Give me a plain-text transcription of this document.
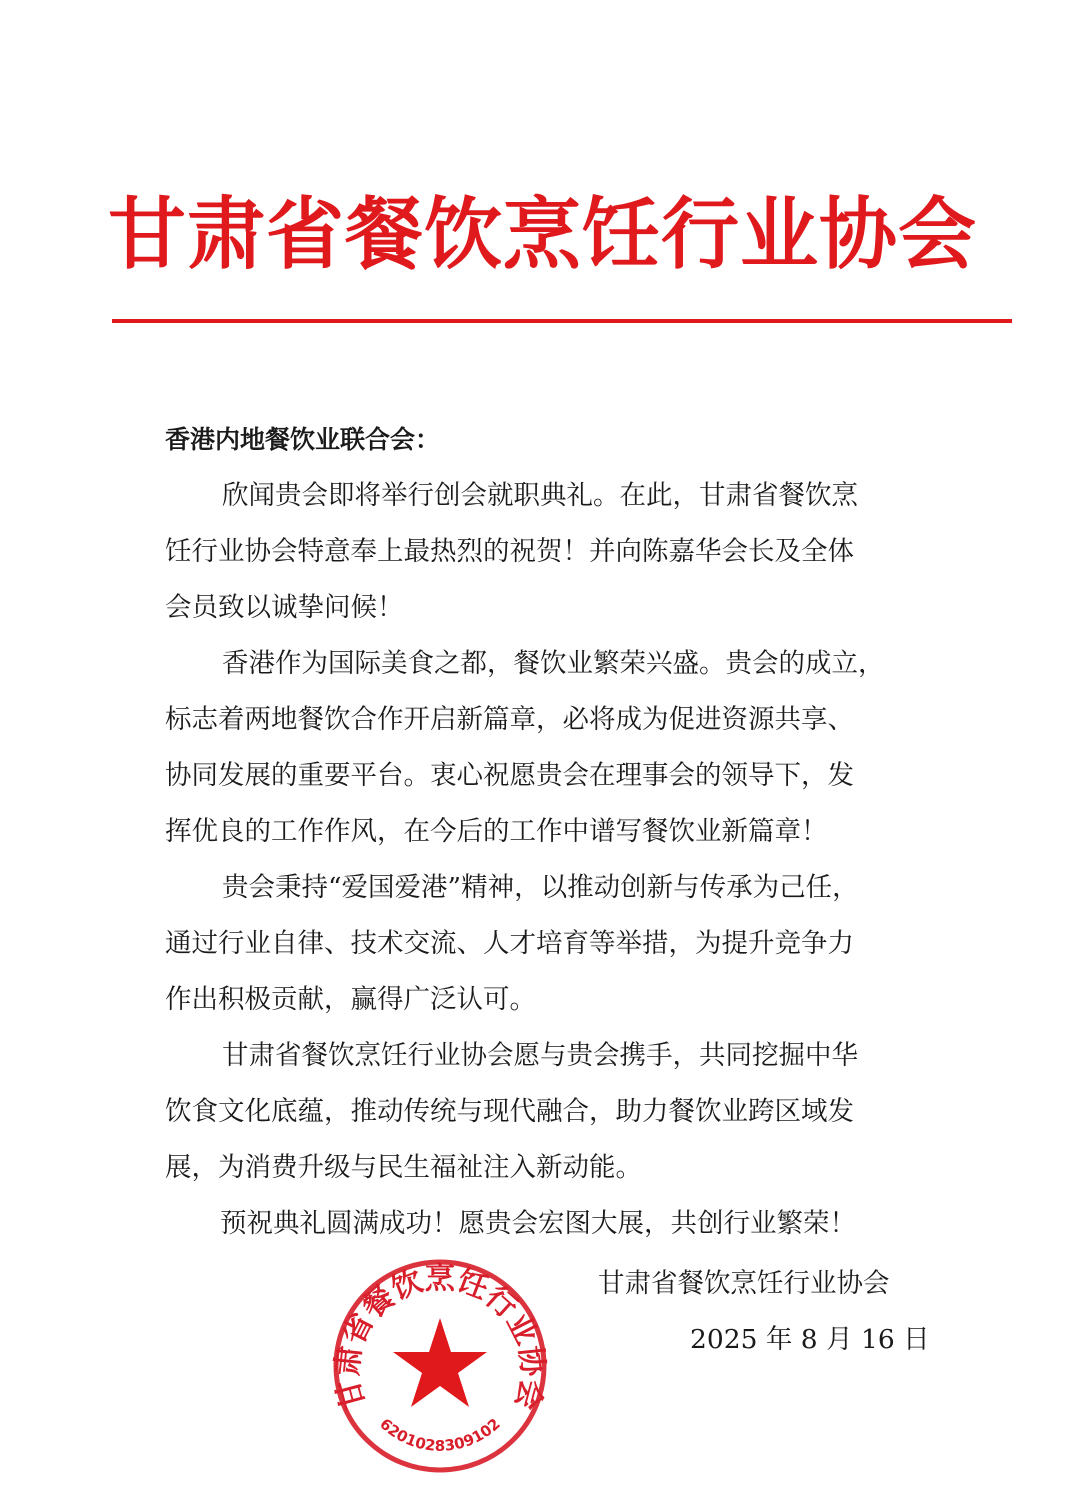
甘肃省餐饮烹饪行业协会
香港内地餐饮业联合会：
欣闻贵会即将举行创会就职典礼。在此，甘肃省餐饮烹
饪行业协会特意奉上最热烈的祝贺！并向陈嘉华会长及全体
会员致以诚挚问候！
香港作为国际美食之都，餐饮业繁荣兴盛。贵会的成立，
标志着两地餐饮合作开启新篇章，必将成为促进资源共享、
协同发展的重要平台。衷心祝愿贵会在理事会的领导下，发
挥优良的工作作风，在今后的工作中谱写餐饮业新篇章！
贵会秉持“爱国爱港”精神，以推动创新与传承为己任，
通过行业自律、技术交流、人才培育等举措，为提升竞争力
作出积极贡献，赢得广泛认可。
甘肃省餐饮烹饪行业协会愿与贵会携手，共同挖掘中华
饮食文化底蕴，推动传统与现代融合，助力餐饮业跨区域发
展，为消费升级与民生福祉注入新动能。
预祝典礼圆满成功！愿贵会宏图大展，共创行业繁荣！
甘肃省餐饮烹饪行业协会
2025 年 8 月 16 日
甘肃省餐饮烹饪行业协会
6201028309102
